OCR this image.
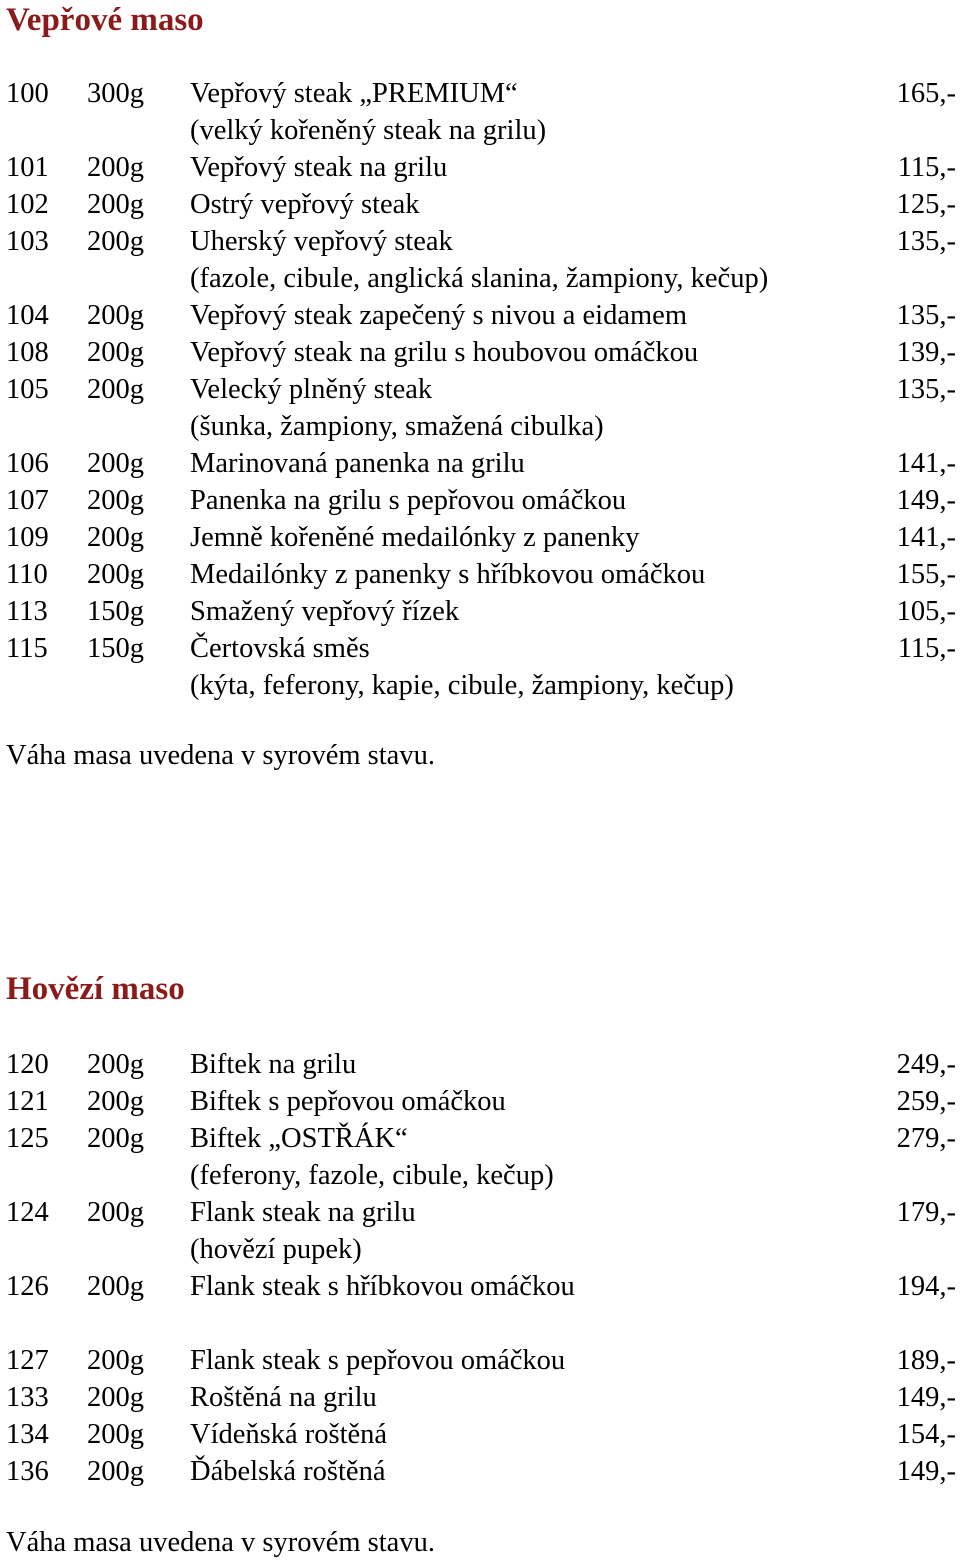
Vepřové maso
100 300g Vepřový steak „PREMIUM“	165,-
(velký kořeněný steak na grilu)
101 200g Vepřový steak na grilu	115,-
102 200g Ostrý vepřový steak	125,-
103 200g Uherský vepřový steak	135,-
(fazole, cibule, anglická slanina, žampiony, kečup)
104 200g Vepřový steak zapečený s nivou a eidamem	135,-
108 200g Vepřový steak na grilu s houbovou omáčkou	139,-
105 200g Velecký plněný steak	135,-
(šunka, žampiony, smažená cibulka)
106 200g Marinovaná panenka na grilu	141,-
107 200g Panenka na grilu s pepřovou omáčkou	149,-
109 200g Jemně kořeněné medailónky z panenky	141,-
110 200g Medailónky z panenky s hříbkovou omáčkou	155,-
113 150g Smažený vepřový řízek	105,-
115 150g Čertovská směs	115,-
(kýta, feferony, kapie, cibule, žampiony, kečup)
Váha masa uvedena v syrovém stavu.
Hovězí maso
120 200g Biftek na grilu	249,-
121 200g Biftek s pepřovou omáčkou	259,-
125 200g Biftek „OSTŘÁK“	279,-
(feferony, fazole, cibule, kečup)
124 200g Flank steak na grilu	179,-
(hovězí pupek)
126 200g Flank steak s hříbkovou omáčkou	194,-
127 200g Flank steak s pepřovou omáčkou	189,-
133 200g Roštěná na grilu	149,-
134 200g Vídeňská roštěná	154,-
136 200g Ďábelská roštěná	149,-
Váha masa uvedena v syrovém stavu.
